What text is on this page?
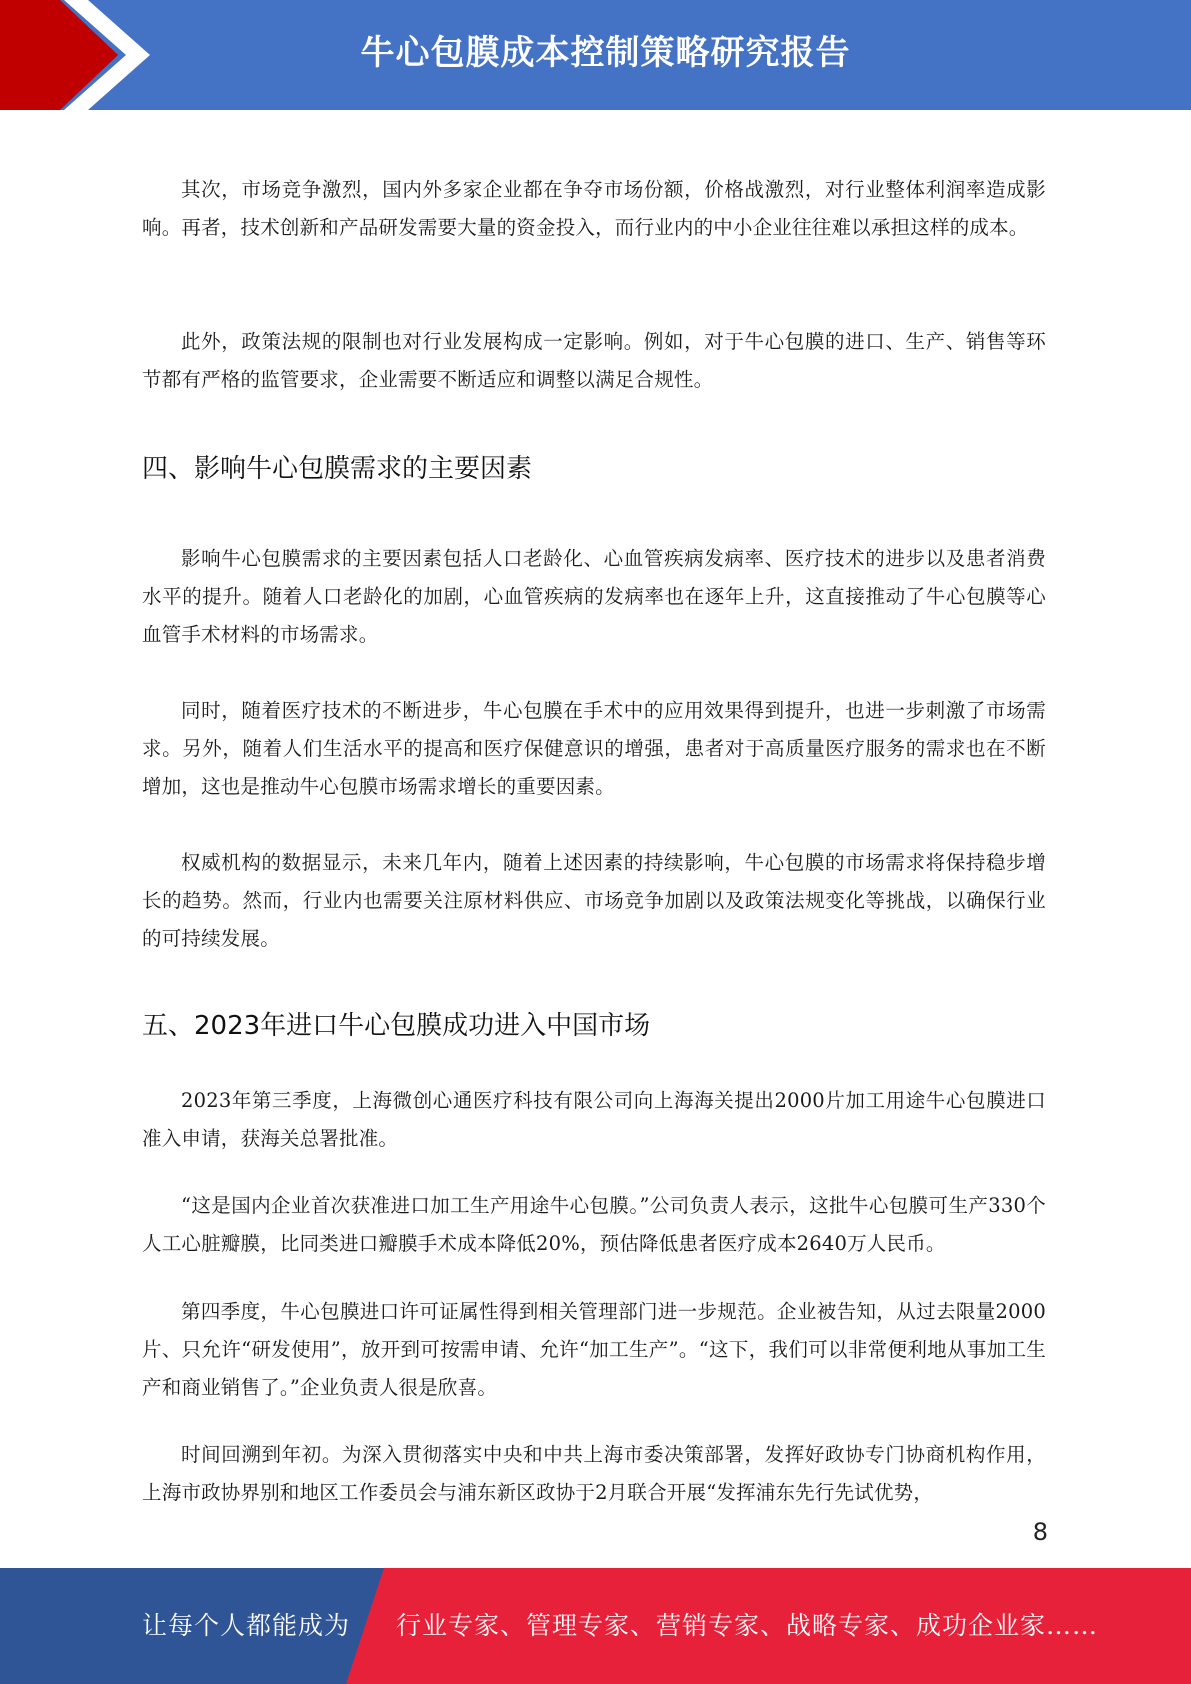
牛心包膜成本控制策略研究报告

其次，市场竞争激烈，国内外多家企业都在争夺市场份额，价格战激烈，对行业整体利润率造成影响。再者，技术创新和产品研发需要大量的资金投入，而行业内的中小企业往往难以承担这样的成本。

此外，政策法规的限制也对行业发展构成一定影响。例如，对于牛心包膜的进口、生产、销售等环节都有严格的监管要求，企业需要不断适应和调整以满足合规性。

四、影响牛心包膜需求的主要因素

影响牛心包膜需求的主要因素包括人口老龄化、心血管疾病发病率、医疗技术的进步以及患者消费水平的提升。随着人口老龄化的加剧，心血管疾病的发病率也在逐年上升，这直接推动了牛心包膜等心血管手术材料的市场需求。

同时，随着医疗技术的不断进步，牛心包膜在手术中的应用效果得到提升，也进一步刺激了市场需求。另外，随着人们生活水平的提高和医疗保健意识的增强，患者对于高质量医疗服务的需求也在不断增加，这也是推动牛心包膜市场需求增长的重要因素。

权威机构的数据显示，未来几年内，随着上述因素的持续影响，牛心包膜的市场需求将保持稳步增长的趋势。然而，行业内也需要关注原材料供应、市场竞争加剧以及政策法规变化等挑战，以确保行业的可持续发展。

五、2023年进口牛心包膜成功进入中国市场

2023年第三季度，上海微创心通医疗科技有限公司向上海海关提出2000片加工用途牛心包膜进口准入申请，获海关总署批准。

“这是国内企业首次获准进口加工生产用途牛心包膜。”公司负责人表示，这批牛心包膜可生产330个人工心脏瓣膜，比同类进口瓣膜手术成本降低20%，预估降低患者医疗成本2640万人民币。

第四季度，牛心包膜进口许可证属性得到相关管理部门进一步规范。企业被告知，从过去限量2000片、只允许“研发使用”，放开到可按需申请、允许“加工生产”。“这下，我们可以非常便利地从事加工生产和商业销售了。”企业负责人很是欣喜。

时间回溯到年初。为深入贯彻落实中央和中共上海市委决策部署，发挥好政协专门协商机构作用，上海市政协界别和地区工作委员会与浦东新区政协于2月联合开展“发挥浦东先行先试优势，

8
让每个人都能成为 行业专家、管理专家、营销专家、战略专家、成功企业家……
